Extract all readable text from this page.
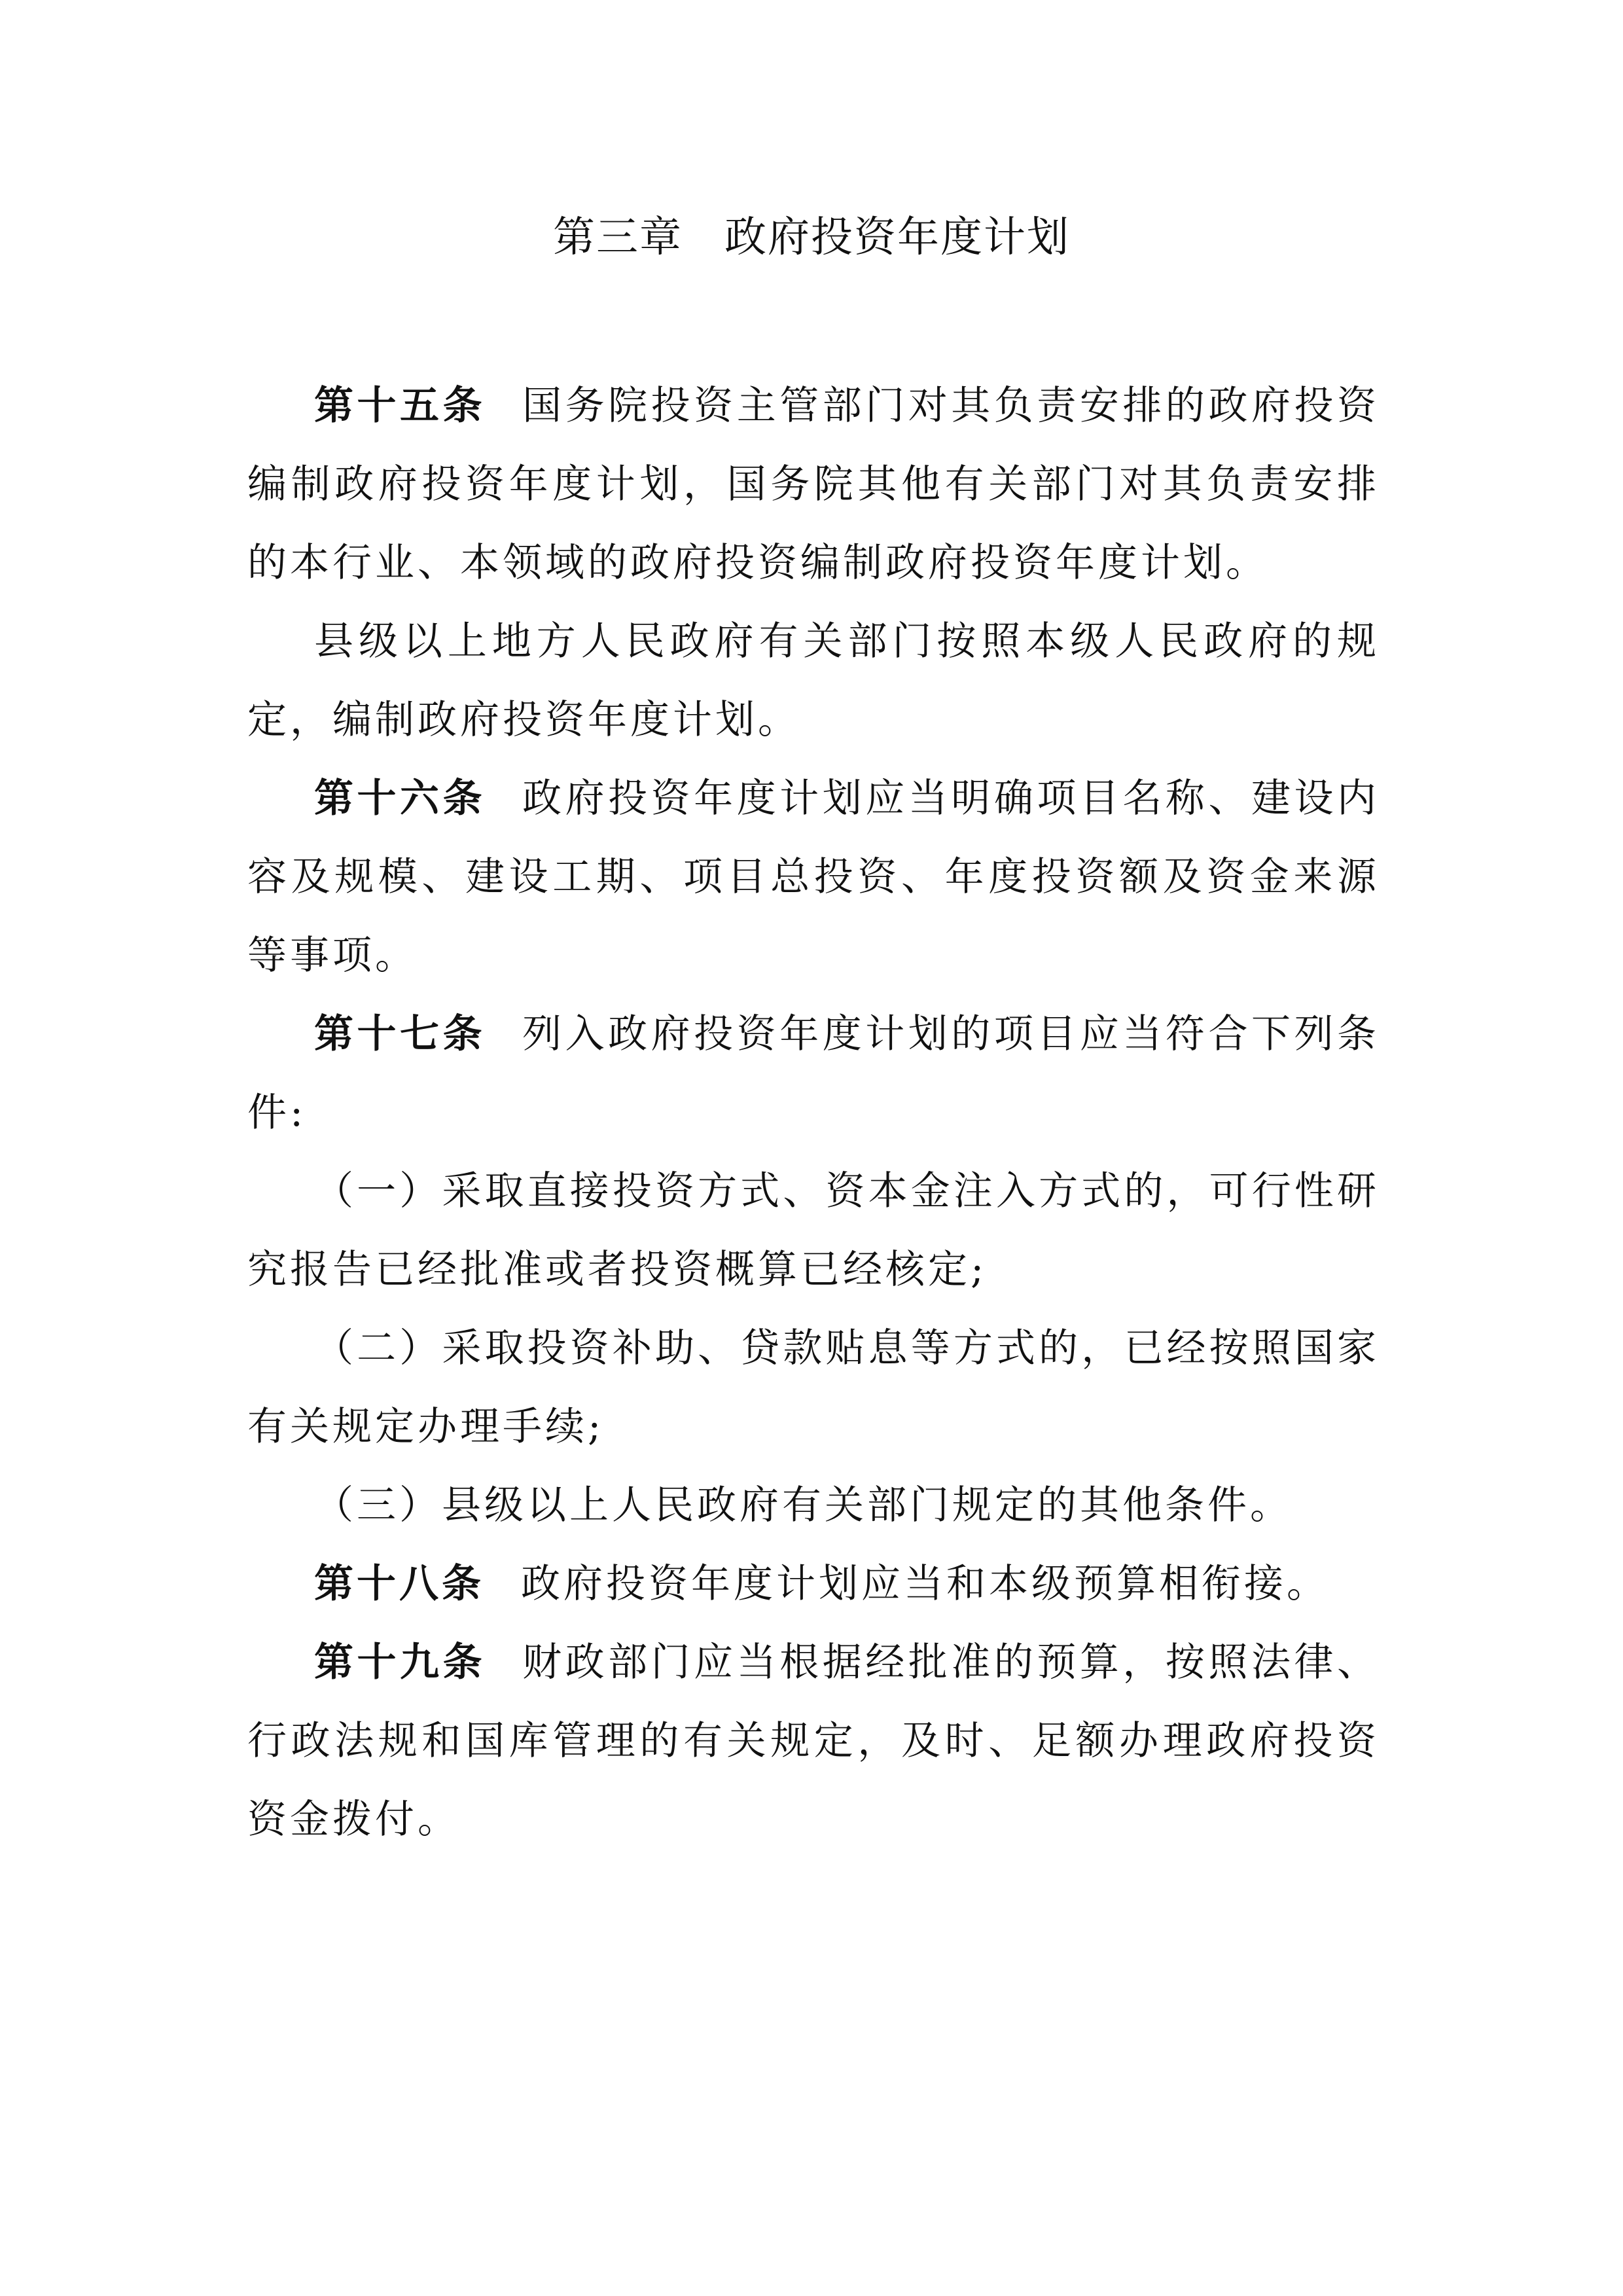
第三章 政府投资年度计划

第十五条 国务院投资主管部门对其负责安排的政府投资编制政府投资年度计划，国务院其他有关部门对其负责安排的本行业、本领域的政府投资编制政府投资年度计划。

县级以上地方人民政府有关部门按照本级人民政府的规定，编制政府投资年度计划。

第十六条 政府投资年度计划应当明确项目名称、建设内容及规模、建设工期、项目总投资、年度投资额及资金来源等事项。

第十七条 列入政府投资年度计划的项目应当符合下列条件:

（一）采取直接投资方式、资本金注入方式的，可行性研究报告已经批准或者投资概算已经核定;

（二）采取投资补助、贷款贴息等方式的，已经按照国家有关规定办理手续;

（三）县级以上人民政府有关部门规定的其他条件。

第十八条 政府投资年度计划应当和本级预算相衔接。

第十九条 财政部门应当根据经批准的预算，按照法律、行政法规和国库管理的有关规定，及时、足额办理政府投资资金拨付。
